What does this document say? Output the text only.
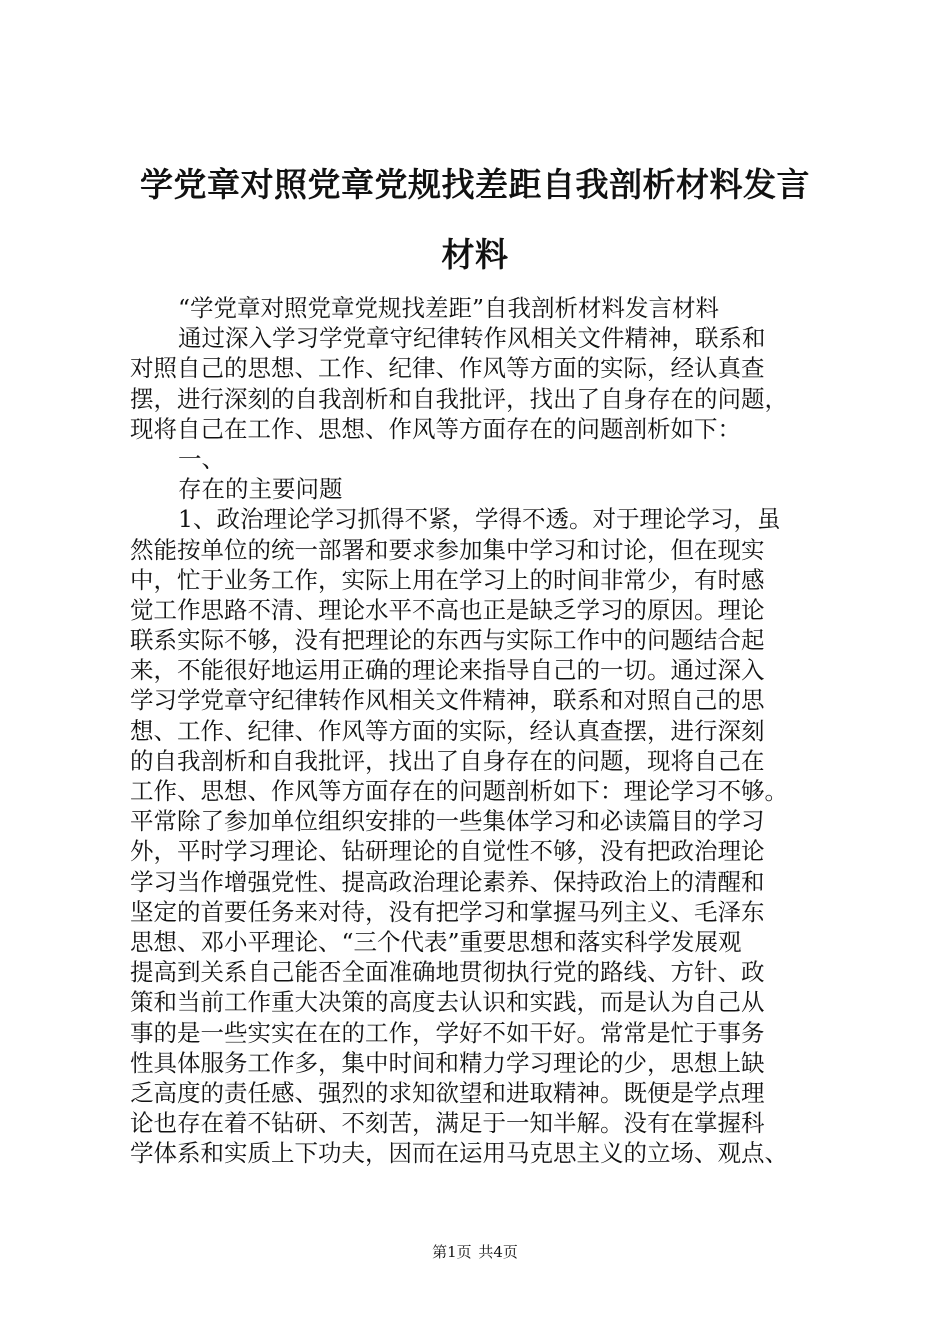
学党章对照党章党规找差距自我剖析材料发言
材料
“学党章对照党章党规找差距”自我剖析材料发言材料
通过深入学习学党章守纪律转作风相关文件精神，联系和
对照自己的思想、工作、纪律、作风等方面的实际，经认真查
摆，进行深刻的自我剖析和自我批评，找出了自身存在的问题，
现将自己在工作、思想、作风等方面存在的问题剖析如下：
一、
存在的主要问题
1、政治理论学习抓得不紧，学得不透。对于理论学习，虽
然能按单位的统一部署和要求参加集中学习和讨论，但在现实
中，忙于业务工作，实际上用在学习上的时间非常少，有时感
觉工作思路不清、理论水平不高也正是缺乏学习的原因。理论
联系实际不够，没有把理论的东西与实际工作中的问题结合起
来，不能很好地运用正确的理论来指导自己的一切。通过深入
学习学党章守纪律转作风相关文件精神，联系和对照自己的思
想、工作、纪律、作风等方面的实际，经认真查摆，进行深刻
的自我剖析和自我批评，找出了自身存在的问题，现将自己在
工作、思想、作风等方面存在的问题剖析如下：理论学习不够。
平常除了参加单位组织安排的一些集体学习和必读篇目的学习
外，平时学习理论、钻研理论的自觉性不够，没有把政治理论
学习当作增强党性、提高政治理论素养、保持政治上的清醒和
坚定的首要任务来对待，没有把学习和掌握马列主义、毛泽东
思想、邓小平理论、“三个代表”重要思想和落实科学发展观
提高到关系自己能否全面准确地贯彻执行党的路线、方针、政
策和当前工作重大决策的高度去认识和实践，而是认为自己从
事的是一些实实在在的工作，学好不如干好。常常是忙于事务
性具体服务工作多，集中时间和精力学习理论的少，思想上缺
乏高度的责任感、强烈的求知欲望和进取精神。既便是学点理
论也存在着不钻研、不刻苦，满足于一知半解。没有在掌握科
学体系和实质上下功夫，因而在运用马克思主义的立场、观点、
第1页 共4页
